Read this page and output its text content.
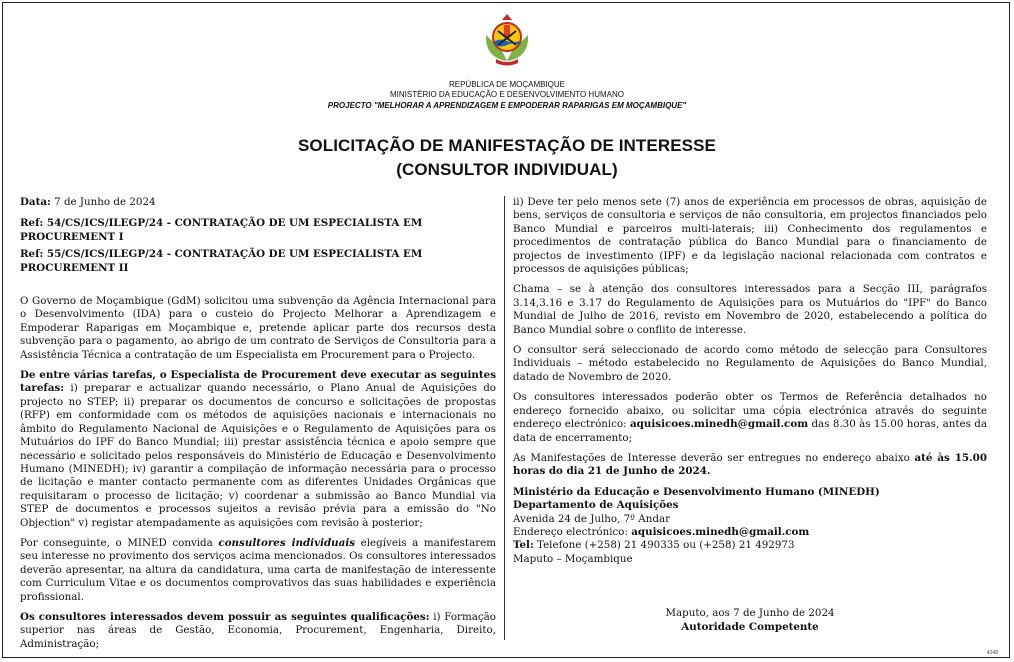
REPÚBLICA DE MOÇAMBIQUE
MINISTÉRIO DA EDUCAÇÃO E DESENVOLVIMENTO HUMANO
PROJECTO "MELHORAR A APRENDIZAGEM E EMPODERAR RAPARIGAS EM MOÇAMBIQUE"
SOLICITAÇÃO DE MANIFESTAÇÃO DE INTERESSE
(CONSULTOR INDIVIDUAL)

Data: 7 de Junho de 2024

Ref: 54/CS/ICS/ILEGP/24 - CONTRATAÇÃO DE UM ESPECIALISTA EM PROCUREMENT I

Ref: 55/CS/ICS/ILEGP/24 - CONTRATAÇÃO DE UM ESPECIALISTA EM PROCUREMENT II

O Governo de Moçambique (GdM) solicitou uma subvenção da Agência Internacional para o Desenvolvimento (IDA) para o custeio do Projecto Melhorar a Aprendizagem e Empoderar Raparigas em Moçambique e, pretende aplicar parte dos recursos desta subvenção para o pagamento, ao abrigo de um contrato de Serviços de Consultoria para a Assistência Técnica a contratação de um Especialista em Procurement para o Projecto.

De entre várias tarefas, o Especialista de Procurement deve executar as seguintes tarefas: i) preparar e actualizar quando necessário, o Plano Anual de Aquisições do projecto no STEP; ii) preparar os documentos de concurso e solicitações de propostas (RFP) em conformidade com os métodos de aquisições nacionais e internacionais no âmbito do Regulamento Nacional de Aquisições e o Regulamento de Aquisições para os Mutuários do IPF do Banco Mundial; iii) prestar assistência técnica e apoio sempre que necessário e solicitado pelos responsáveis do Ministério de Educação e Desenvolvimento Humano (MINEDH); iv) garantir a compilação de informação necessária para o processo de licitação e manter contacto permanente com as diferentes Unidades Orgânicas que requisitaram o processo de licitação; v) coordenar a submissão ao Banco Mundial via STEP de documentos e processos sujeitos a revisão prévia para a emissão do "No Objection" v) registar atempadamente as aquisições com revisão à posterior;

Por conseguinte, o MINED convida consultores individuais elegíveis a manifestarem seu interesse no provimento dos serviços acima mencionados. Os consultores interessados deverão apresentar, na altura da candidatura, uma carta de manifestação de interessente com Curriculum Vitae e os documentos comprovativos das suas habilidades e experiência profissional.

Os consultores interessados devem possuir as seguintes qualificações: i) Formação superior nas áreas de Gestão, Economia, Procurement, Engenharia, Direito, Administração;

ii) Deve ter pelo menos sete (7) anos de experiência em processos de obras, aquisição de bens, serviços de consultoria e serviços de não consultoria, em projectos financiados pelo Banco Mundial e parceiros multi-laterais; iii) Conhecimento dos regulamentos e procedimentos de contratação pública do Banco Mundial para o financiamento de projectos de investimento (IPF) e da legislação nacional relacionada com contratos e processos de aquisições públicas;

Chama – se à atenção dos consultores interessados para a Secção III, parágrafos 3.14,3.16 e 3.17 do Regulamento de Aquisições para os Mutuários do "IPF" do Banco Mundial de Julho de 2016, revisto em Novembro de 2020, estabelecendo a política do Banco Mundial sobre o conflito de interesse.

O consultor será seleccionado de acordo como método de selecção para Consultores Individuais – método estabelecido no Regulamento de Aquisições do Banco Mundial, datado de Novembro de 2020.

Os consultores interessados poderão obter os Termos de Referência detalhados no endereço fornecido abaixo, ou solicitar uma cópia electrónica através do seguinte endereço electrónico: aquisicoes.minedh@gmail.com das 8.30 às 15.00 horas, antes da data de encerramento;

As Manifestações de Interesse deverão ser entregues no endereço abaixo até às 15.00 horas do dia 21 de Junho de 2024.

Ministério da Educação e Desenvolvimento Humano (MINEDH)

Departamento de Aquisições

Avenida 24 de Julho, 7º Andar

Endereço electrónico: aquisicoes.minedh@gmail.com

Tel: Telefone (+258) 21 490335 ou (+258) 21 492973

Maputo – Moçambique

Maputo, aos 7 de Junho de 2024
Autoridade Competente
4248
